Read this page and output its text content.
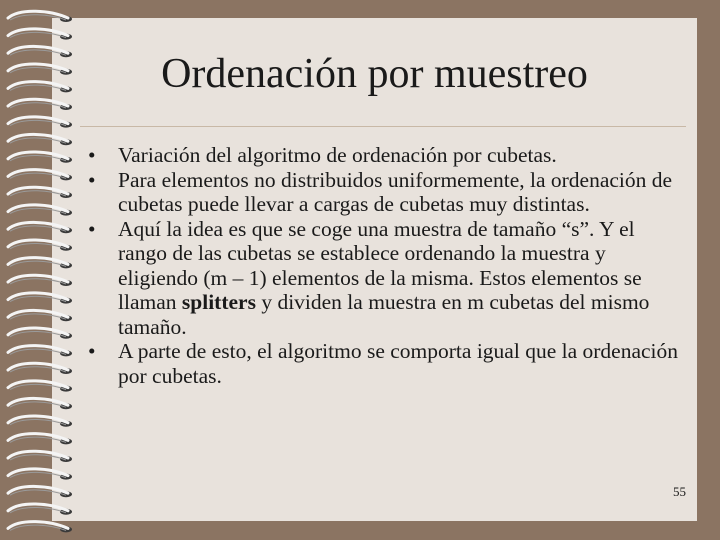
Ordenación por muestreo
• Variación del algoritmo de ordenación por cubetas.
• Para elementos no distribuidos uniformemente, la ordenación de cubetas puede llevar a cargas de cubetas muy distintas.
• Aquí la idea es que se coge una muestra de tamaño “s”. Y el rango de las cubetas se establece ordenando la muestra y eligiendo (m – 1) elementos de la misma. Estos elementos se llaman splitters y dividen la muestra en m cubetas del mismo tamaño.
• A parte de esto, el algoritmo se comporta igual que la ordenación por cubetas.
55
